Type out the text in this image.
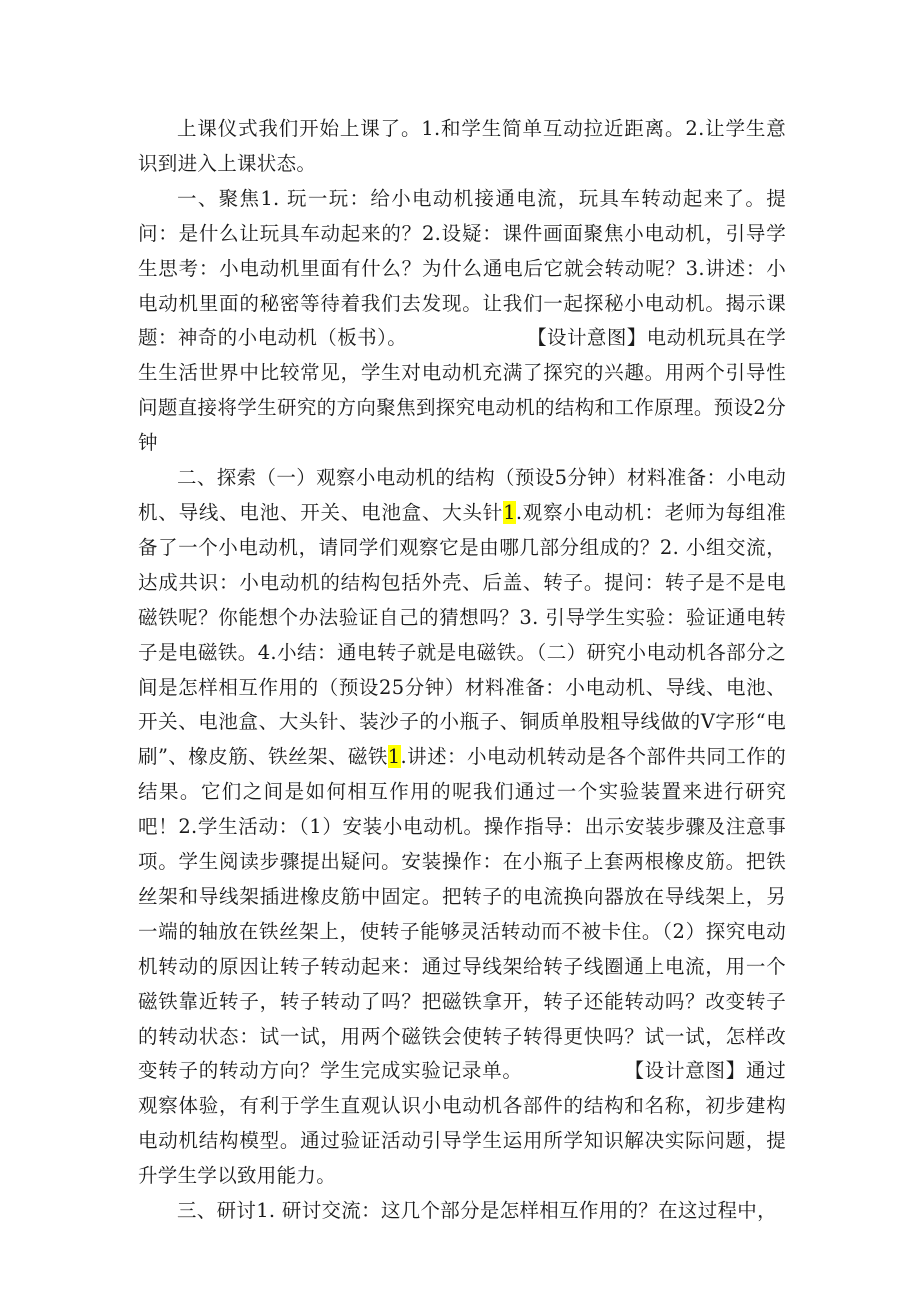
上课仪式我们开始上课了。1.和学生简单互动拉近距离。2.让学生意识到进入上课状态。

一、聚焦1. 玩一玩：给小电动机接通电流，玩具车转动起来了。提问：是什么让玩具车动起来的？2.设疑：课件画面聚焦小电动机，引导学生思考：小电动机里面有什么？为什么通电后它就会转动呢？3.讲述：小电动机里面的秘密等待着我们去发现。让我们一起探秘小电动机。揭示课题：神奇的小电动机（板书）。　　　　　　　【设计意图】电动机玩具在学生生活世界中比较常见，学生对电动机充满了探究的兴趣。用两个引导性问题直接将学生研究的方向聚焦到探究电动机的结构和工作原理。预设2分钟

二、探索（一）观察小电动机的结构（预设5分钟）材料准备：小电动机、导线、电池、开关、电池盒、大头针1.观察小电动机：老师为每组准备了一个小电动机，请同学们观察它是由哪几部分组成的？2. 小组交流，达成共识：小电动机的结构包括外壳、后盖、转子。提问：转子是不是电磁铁呢？你能想个办法验证自己的猜想吗？3. 引导学生实验：验证通电转子是电磁铁。4.小结：通电转子就是电磁铁。（二）研究小电动机各部分之间是怎样相互作用的（预设25分钟）材料准备：小电动机、导线、电池、开关、电池盒、大头针、装沙子的小瓶子、铜质单股粗导线做的V字形“电刷”、橡皮筋、铁丝架、磁铁1.讲述：小电动机转动是各个部件共同工作的结果。它们之间是如何相互作用的呢我们通过一个实验装置来进行研究吧！2.学生活动：（1）安装小电动机。操作指导：出示安装步骤及注意事项。学生阅读步骤提出疑问。安装操作：在小瓶子上套两根橡皮筋。把铁丝架和导线架插进橡皮筋中固定。把转子的电流换向器放在导线架上，另一端的轴放在铁丝架上，使转子能够灵活转动而不被卡住。（2）探究电动机转动的原因让转子转动起来：通过导线架给转子线圈通上电流，用一个磁铁靠近转子，转子转动了吗？把磁铁拿开，转子还能转动吗？改变转子的转动状态：试一试，用两个磁铁会使转子转得更快吗？试一试，怎样改变转子的转动方向？学生完成实验记录单。　　　　　　【设计意图】通过观察体验，有利于学生直观认识小电动机各部件的结构和名称，初步建构电动机结构模型。通过验证活动引导学生运用所学知识解决实际问题，提升学生学以致用能力。

三、研讨1. 研讨交流：这几个部分是怎样相互作用的？在这过程中，
